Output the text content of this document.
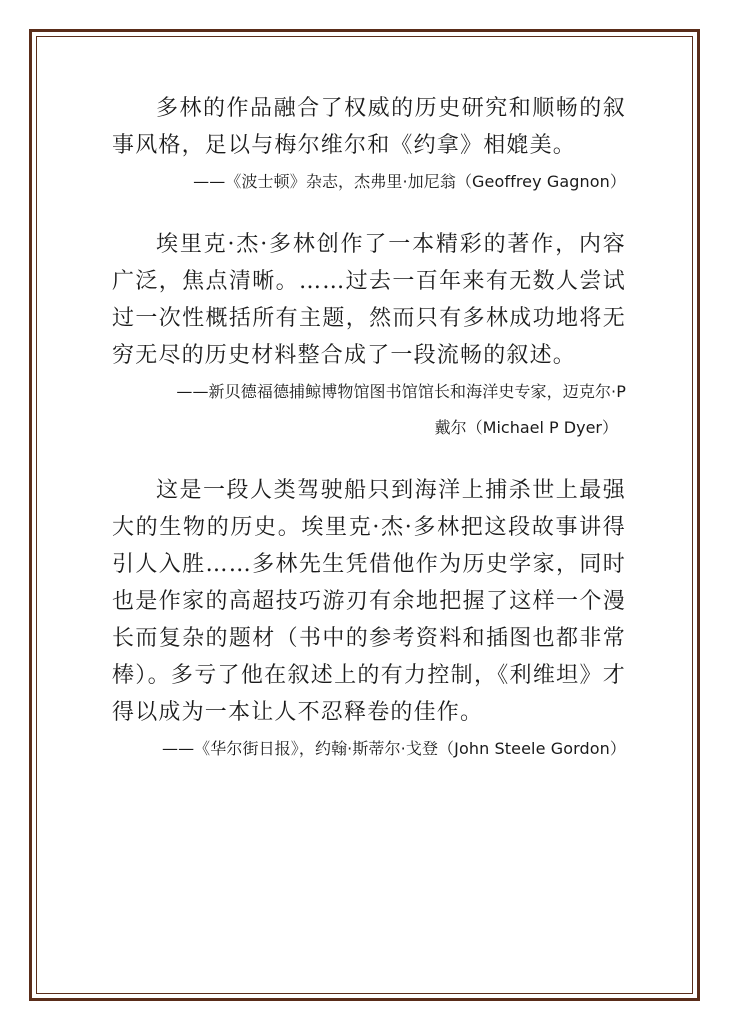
多林的作品融合了权威的历史研究和顺畅的叙事风格，足以与梅尔维尔和《约拿》相媲美。

——《波士顿》杂志，杰弗里·加尼翁（Geoffrey Gagnon）

埃里克·杰·多林创作了一本精彩的著作，内容广泛，焦点清晰。……过去一百年来有无数人尝试过一次性概括所有主题，然而只有多林成功地将无穷无尽的历史材料整合成了一段流畅的叙述。

——新贝德福德捕鲸博物馆图书馆馆长和海洋史专家，迈克尔·P

戴尔（Michael P Dyer）

这是一段人类驾驶船只到海洋上捕杀世上最强大的生物的历史。埃里克·杰·多林把这段故事讲得引人入胜……多林先生凭借他作为历史学家，同时也是作家的高超技巧游刃有余地把握了这样一个漫长而复杂的题材（书中的参考资料和插图也都非常棒）。多亏了他在叙述上的有力控制，《利维坦》才得以成为一本让人不忍释卷的佳作。

——《华尔街日报》，约翰·斯蒂尔·戈登（John Steele Gordon）
